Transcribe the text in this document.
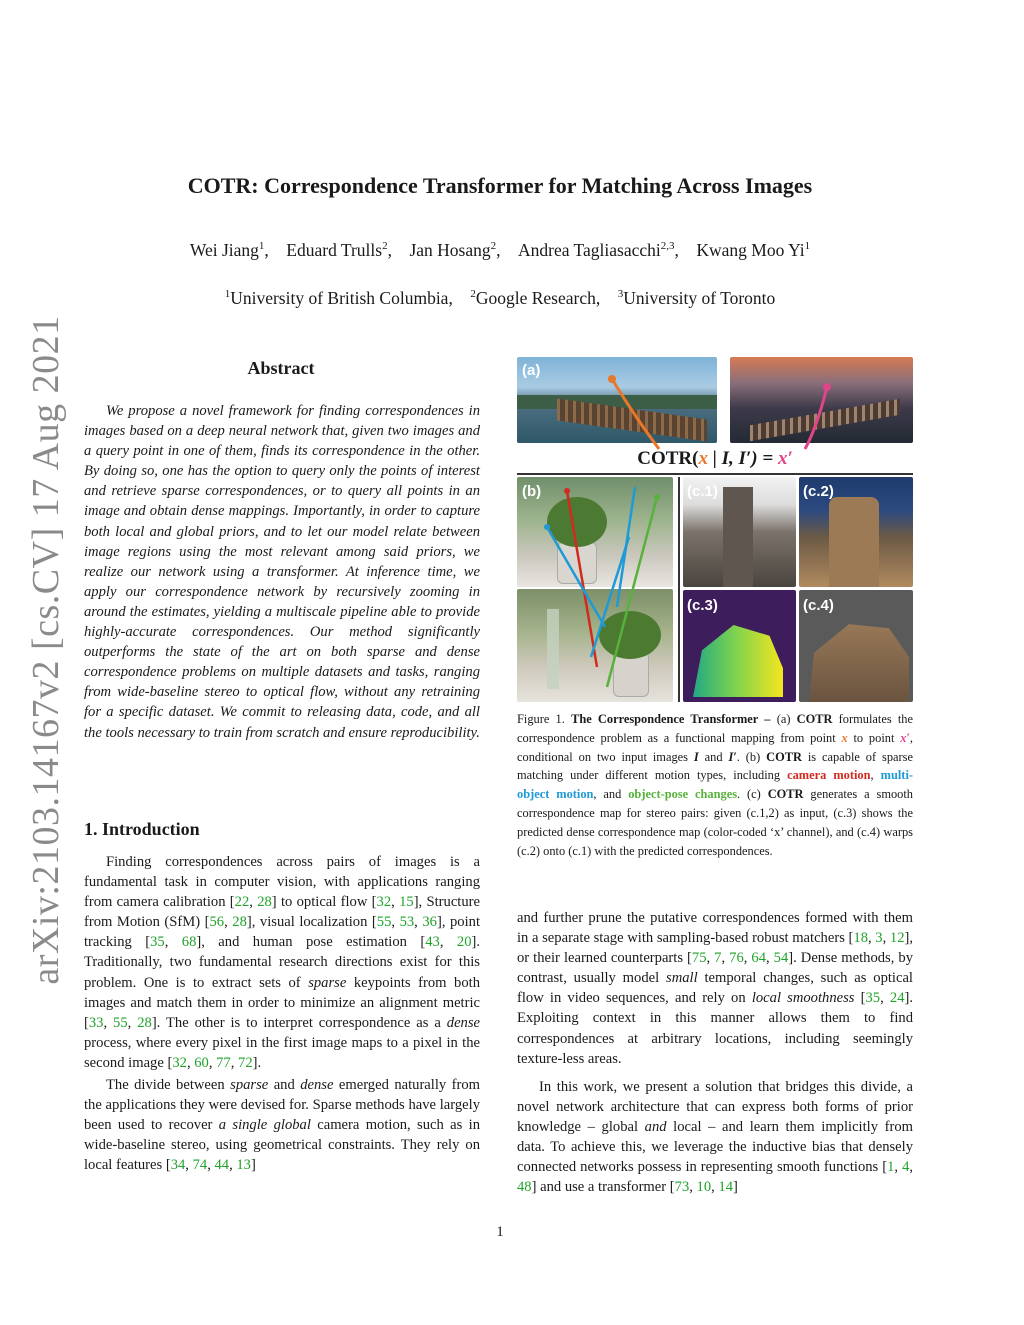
arXiv:2103.14167v2 [cs.CV] 17 Aug 2021
COTR: Correspondence Transformer for Matching Across Images
Wei Jiang$^1$, Eduard Trulls$^2$, Jan Hosang$^2$, Andrea Tagliasacchi$^{2,3}$, Kwang Moo Yi$^1$
$^1$University of British Columbia, $^2$Google Research, $^3$University of Toronto
Abstract
We propose a novel framework for finding correspondences in images based on a deep neural network that, given two images and a query point in one of them, finds its correspondence in the other. By doing so, one has the option to query only the points of interest and retrieve sparse correspondences, or to query all points in an image and obtain dense mappings. Importantly, in order to capture both local and global priors, and to let our model relate between image regions using the most relevant among said priors, we realize our network using a transformer. At inference time, we apply our correspondence network by recursively zooming in around the estimates, yielding a multiscale pipeline able to provide highly-accurate correspondences. Our method significantly outperforms the state of the art on both sparse and dense correspondence problems on multiple datasets and tasks, ranging from wide-baseline stereo to optical flow, without any retraining for a specific dataset. We commit to releasing data, code, and all the tools necessary to train from scratch and ensure reproducibility.
1. Introduction

Finding correspondences across pairs of images is a fundamental task in computer vision, with applications ranging from camera calibration [22, 28] to optical flow [32, 15], Structure from Motion (SfM) [56, 28], visual localization [55, 53, 36], point tracking [35, 68], and human pose estimation [43, 20]. Traditionally, two fundamental research directions exist for this problem. One is to extract sets of sparse keypoints from both images and match them in order to minimize an alignment metric [33, 55, 28]. The other is to interpret correspondence as a dense process, where every pixel in the first image maps to a pixel in the second image [32, 60, 77, 72].

The divide between sparse and dense emerged naturally from the applications they were devised for. Sparse methods have largely been used to recover a single global camera motion, such as in wide-baseline stereo, using geometrical constraints. They rely on local features [34, 74, 44, 13]

(a)
COTR(x | I, I′) = x′
(b)	(c.1)	(c.2)
(c.3)	(c.4)
Figure 1. The Correspondence Transformer – (a) COTR formulates the correspondence problem as a functional mapping from point x to point x′, conditional on two input images I and I′. (b) COTR is capable of sparse matching under different motion types, including camera motion, multi-object motion, and object-pose changes. (c) COTR generates a smooth correspondence map for stereo pairs: given (c.1,2) as input, (c.3) shows the predicted dense correspondence map (color-coded ‘x’ channel), and (c.4) warps (c.2) onto (c.1) with the predicted correspondences.

and further prune the putative correspondences formed with them in a separate stage with sampling-based robust matchers [18, 3, 12], or their learned counterparts [75, 7, 76, 64, 54]. Dense methods, by contrast, usually model small temporal changes, such as optical flow in video sequences, and rely on local smoothness [35, 24]. Exploiting context in this manner allows them to find correspondences at arbitrary locations, including seemingly texture-less areas.

In this work, we present a solution that bridges this divide, a novel network architecture that can express both forms of prior knowledge – global and local – and learn them implicitly from data. To achieve this, we leverage the inductive bias that densely connected networks possess in representing smooth functions [1, 4, 48] and use a transformer [73, 10, 14]

1
